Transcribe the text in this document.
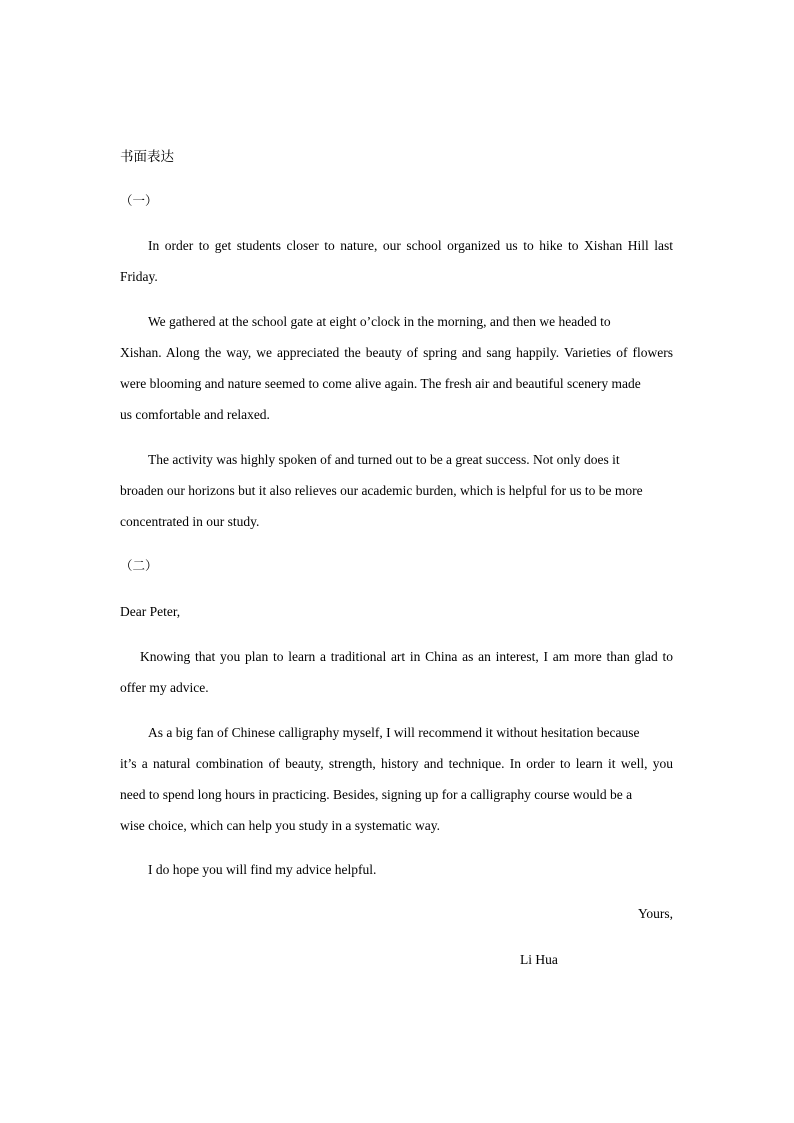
书面表达
（一）
In order to get students closer to nature, our school organized us to hike to Xishan Hill last
Friday.
We gathered at the school gate at eight o’clock in the morning, and then we headed to
Xishan. Along the way, we appreciated the beauty of spring and sang happily. Varieties of flowers
were blooming and nature seemed to come alive again. The fresh air and beautiful scenery made
us comfortable and relaxed.
The activity was highly spoken of and turned out to be a great success. Not only does it
broaden our horizons but it also relieves our academic burden, which is helpful for us to be more
concentrated in our study.
（二）
Dear Peter,
Knowing that you plan to learn a traditional art in China as an interest, I am more than glad to
offer my advice.
As a big fan of Chinese calligraphy myself, I will recommend it without hesitation because
it’s a natural combination of beauty, strength, history and technique. In order to learn it well, you
need to spend long hours in practicing. Besides, signing up for a calligraphy course would be a
wise choice, which can help you study in a systematic way.
I do hope you will find my advice helpful.
Yours,
Li Hua
